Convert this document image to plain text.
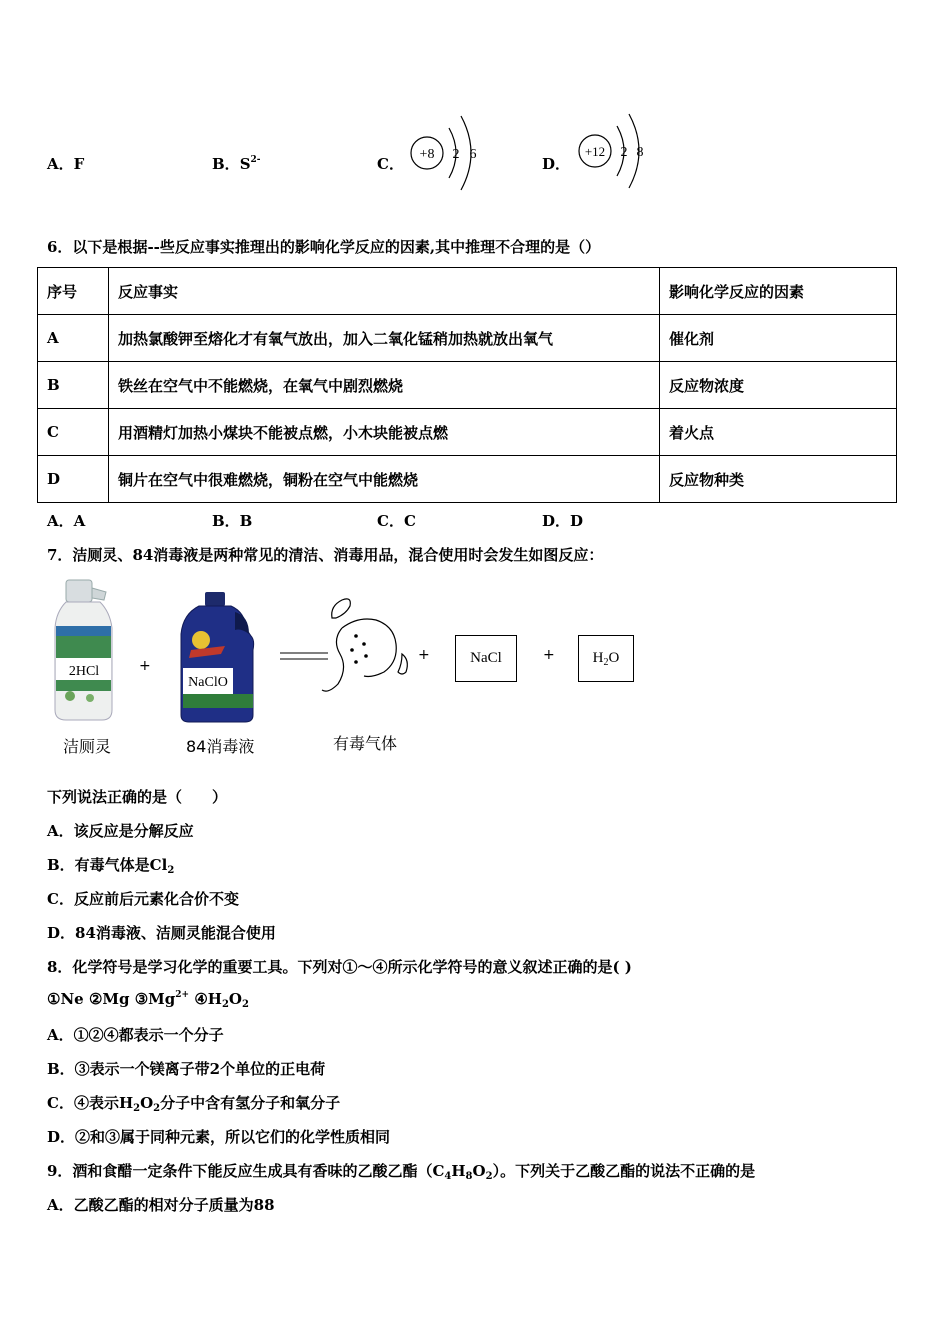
A．F	B．$S^{2-}$	C．	D．
+8 2 6	+12 2 8
6．以下是根据--些反应事实推理出的影响化学反应的因素,其中推理不合理的是（）
序号	反应事实	影响化学反应的因素
A	加热氯酸钾至熔化才有氧气放出，加入二氧化锰稍加热就放出氧气	催化剂
B	铁丝在空气中不能燃烧，在氧气中剧烈燃烧	反应物浓度
C	用酒精灯加热小煤块不能被点燃，小木块能被点燃	着火点
D	铜片在空气中很难燃烧，铜粉在空气中能燃烧	反应物种类
A．A	B．B	C．C	D．D
7．洁厕灵、84消毒液是两种常见的清洁、消毒用品，混合使用时会发生如图反应：
2HCl
洁厕灵
+
NaClO
84消毒液	有毒气体
+	NaCl	+	$H_2O$
下列说法正确的是（　　）
A．该反应是分解反应
B．有毒气体是$Cl_2$
C．反应前后元素化合价不变
D．84消毒液、洁厕灵能混合使用
8．化学符号是学习化学的重要工具。下列对①～④所示化学符号的意义叙述正确的是( )
①Ne ②Mg $③Mg^{2+}$ $④H_2O_2$
A．①②④都表示一个分子
B．③表示一个镁离子带2个单位的正电荷
C．④表示$H_2O_2$分子中含有氢分子和氧分子
D．②和③属于同种元素，所以它们的化学性质相同
9．酒和食醋一定条件下能反应生成具有香味的乙酸乙酯$(C_4H_8O_2)$。下列关于乙酸乙酯的说法不正确的是
A．乙酸乙酯的相对分子质量为88
